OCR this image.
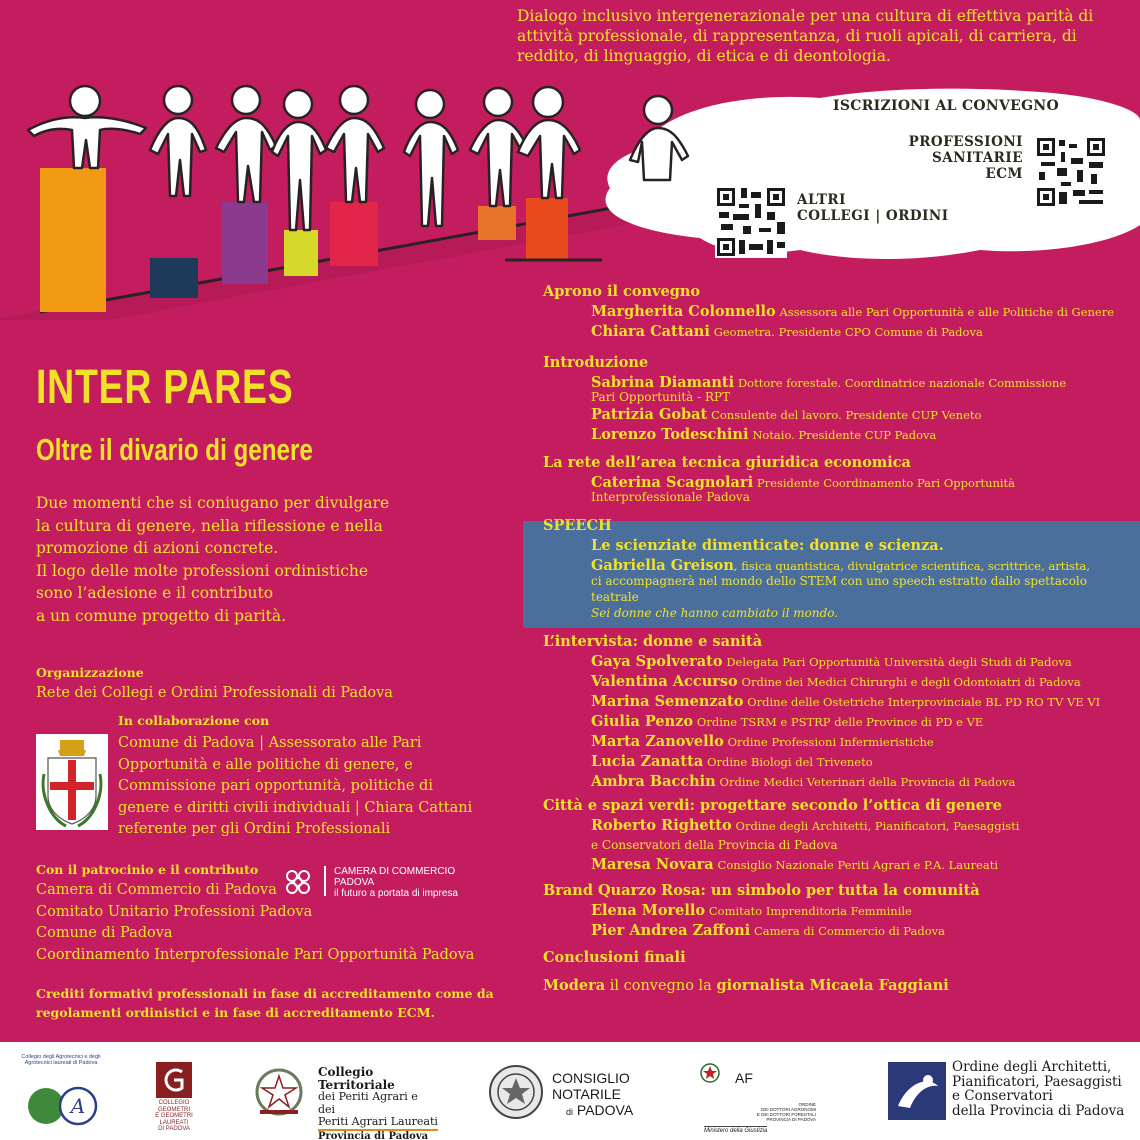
Dialogo inclusivo intergenerazionale per una cultura di effettiva parità di attività professionale, di rappresentanza, di ruoli apicali, di carriera, di reddito, di linguaggio, di etica e di deontologia.
ISCRIZIONI AL CONVEGNO
PROFESSIONI
SANITARIE
ECM
ALTRI
COLLEGI | ORDINI
INTER PARES
Oltre il divario di genere
Due momenti che si coniugano per divulgare
la cultura di genere, nella riflessione e nella
promozione di azioni concrete.
Il logo delle molte professioni ordinistiche
sono l’adesione e il contributo
a un comune progetto di parità.
Organizzazione
Rete dei Collegi e Ordini Professionali di Padova
In collaborazione con
Comune di Padova | Assessorato alle Pari
Opportunità e alle politiche di genere, e
Commissione pari opportunità, politiche di
genere e diritti civili individuali | Chiara Cattani
referente per gli Ordini Professionali
Con il patrocinio e il contributo
Camera di Commercio di Padova
Comitato Unitario Professioni Padova
Comune di Padova
Coordinamento Interprofessionale Pari Opportunità Padova
CAMERA DI COMMERCIO
PADOVA
il futuro a portata di impresa
Crediti formativi professionali in fase di accreditamento come da
regolamenti ordinistici e in fase di accreditamento ECM.
Aprono il convegno
Margherita Colonnello Assessora alle Pari Opportunità e alle Politiche di Genere
Chiara Cattani Geometra. Presidente CPO Comune di Padova
Introduzione
Sabrina Diamanti Dottore forestale. Coordinatrice nazionale Commissione
Pari Opportunità - RPT
Patrizia Gobat Consulente del lavoro. Presidente CUP Veneto
Lorenzo Todeschini Notaio. Presidente CUP Padova
La rete dell’area tecnica giuridica economica
Caterina Scagnolari Presidente Coordinamento Pari Opportunità
Interprofessionale Padova
SPEECH
Le scienziate dimenticate: donne e scienza.
Gabriella Greison, fisica quantistica, divulgatrice scientifica, scrittrice, artista,
ci accompagnerà nel mondo dello STEM con uno speech estratto dallo spettacolo teatrale
Sei donne che hanno cambiato il mondo.
L’intervista: donne e sanità
Gaya Spolverato Delegata Pari Opportunità Università degli Studi di Padova
Valentina Accurso Ordine dei Medici Chirurghi e degli Odontoiatri di Padova
Marina Semenzato Ordine delle Ostetriche Interprovinciale BL PD RO TV VE VI
Giulia Penzo Ordine TSRM e PSTRP delle Province di PD e VE
Marta Zanovello Ordine Professioni Infermieristiche
Lucia Zanatta Ordine Biologi del Triveneto
Ambra Bacchin Ordine Medici Veterinari della Provincia di Padova
Città e spazi verdi: progettare secondo l’ottica di genere
Roberto Righetto Ordine degli Architetti, Pianificatori, Paesaggisti
e Conservatori della Provincia di Padova
Maresa Novara Consiglio Nazionale Periti Agrari e P.A. Laureati
Brand Quarzo Rosa: un simbolo per tutta la comunità
Elena Morello Comitato Imprenditoria Femminile
Pier Andrea Zaffoni Camera di Commercio di Padova
Conclusioni finali
Modera il convegno la giornalista Micaela Faggiani
A
Collegio degli Agrotecnici e degli Agrotecnici laureati di Padova
COLLEGIO
GEOMETRI
E GEOMETRI LAUREATI
DI PADOVA
Collegio Territoriale
dei Periti Agrari e dei
Periti Agrari Laureati
Provincia di Padova
CONSIGLIO
NOTARILE
di PADOVA
AF
ORDINE
DEI DOTTORI AGRONOMI
E DEI DOTTORI FORESTALI
PROVINCIA DI PADOVA
Ministero della Giustizia
Ordine degli Architetti,
Pianificatori, Paesaggisti
e Conservatori
della Provincia di Padova
